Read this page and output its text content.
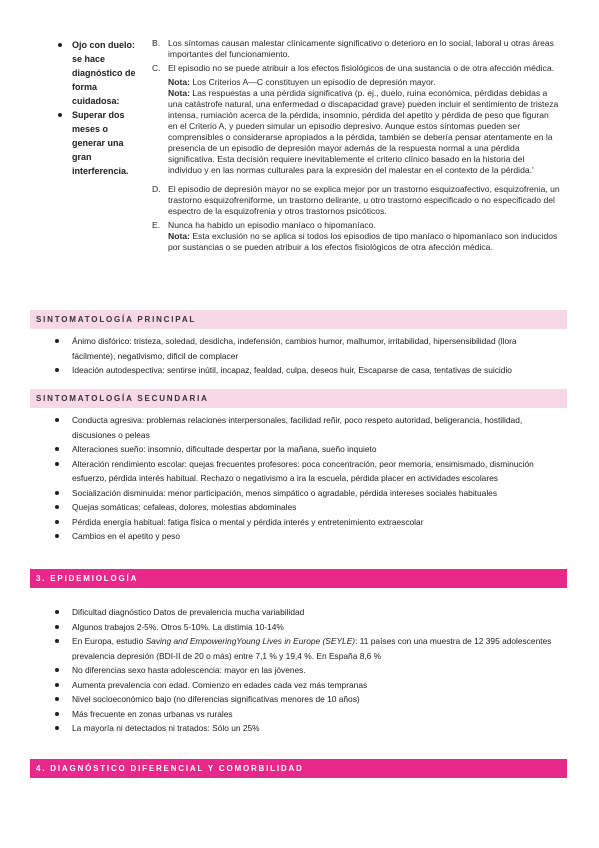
Ojo con duelo: se hace diagnóstico de forma cuidadosa:
Superar dos meses o generar una gran interferencia.
B. Los síntomas causan malestar clínicamente significativo o deterioro en lo social, laboral u otras áreas importantes del funcionamiento.
C. El episodio no se puede atribuir a los efectos fisiológicos de una sustancia o de otra afección médica.
Nota: Los Criterios A—C constituyen un episodio de depresión mayor.
Nota: Las respuestas a una pérdida significativa (p. ej., duelo, ruina económica, pérdidas debidas a una catástrofe natural, una enfermedad o discapacidad grave) pueden incluir el sentimiento de tristeza intensa, rumiación acerca de la pérdida, insomnio, pérdida del apetito y pérdida de peso que figuran en el Criterio A, y pueden simular un episodio depresivo. Aunque estos síntomas pueden ser comprensibles o considerarse apropiados a la pérdida, también se debería pensar atentamente en la presencia de un episodio de depresión mayor además de la respuesta normal a una pérdida significativa. Esta decisión requiere inevitablemente el criterio clínico basado en la historia del individuo y en las normas culturales para la expresión del malestar en el contexto de la pérdida.'
D. El episodio de depresión mayor no se explica mejor por un trastorno esquizoafectivo, esquizofrenia, un trastorno esquizofreniforme, un trastorno delirante, u otro trastorno especificado o no especificado del espectro de la esquizofrenia y otros trastornos psicóticos.
E. Nunca ha habido un episodio maníaco o hipomaníaco.
Nota: Esta exclusión no se aplica si todos los episodios de tipo maníaco o hipomaníaco son inducidos por sustancias o se pueden atribuir a los efectos fisiológicos de otra afección médica.
SINTOMATOLOGÍA PRINCIPAL
Ánimo disfórico: tristeza, soledad, desdicha, indefensión, cambios humor, malhumor, irritabilidad, hipersensibilidad (llora fácilmente), negativismo, dificil de complacer
Ideación autodespectiva: sentirse inútil, incapaz, fealdad, culpa, deseos huir, Escaparse de casa, tentativas de suicidio
SINTOMATOLOGÍA SECUNDARIA
Conducta agresiva: problemas relaciones interpersonales, facilidad reñir, poco respeto autoridad, beligerancia, hostilidad, discusiones o peleas
Alteraciones sueño: insomnio, dificultade despertar por la mañana, sueño inquieto
Alteración rendimiento escolar: quejas frecuentes profesores: poca concentración, peor memoria, ensimismado, disminución esfuerzo, pérdida interés habitual. Rechazo o negativismo a ira la escuela, pérdida placer en actividades escolares
Socialización disminuida: menor participación, menos simpático o agradable, pérdida intereses sociales habituales
Quejas somáticas: cefaleas, dolores, molestias abdominales
Pérdida energía habitual: fatiga física o mental y pérdida interés y entretenimiento extraescolar
Cambios en el apetito y peso
3. EPIDEMIOLOGÍA
Dificultad diagnóstico Datos de prevalencia mucha variabilidad
Algunos trabajos 2-5%. Otros 5-10%. La distimia 10-14%
En Europa, estudio Saving and EmpoweringYoung Lives in Europe (SEYLE): 11 países con una muestra de 12 395 adolescentes prevalencia depresión (BDI-II de 20 o más) entre 7,1 % y 19,4 %. En España 8,6 %
No diferencias sexo hasta adolescencia: mayor en las jóvenes.
Aumenta prevalencia con edad. Comienzo en edades cada vez más tempranas
Nivel socioeconómico bajo (no diferencias significativas menores de 10 años)
Más frecuente en zonas urbanas vs rurales
La mayoría ni detectados ni tratados: Sólo un 25%
4. DIAGNÓSTICO DIFERENCIAL Y COMORBILIDAD
